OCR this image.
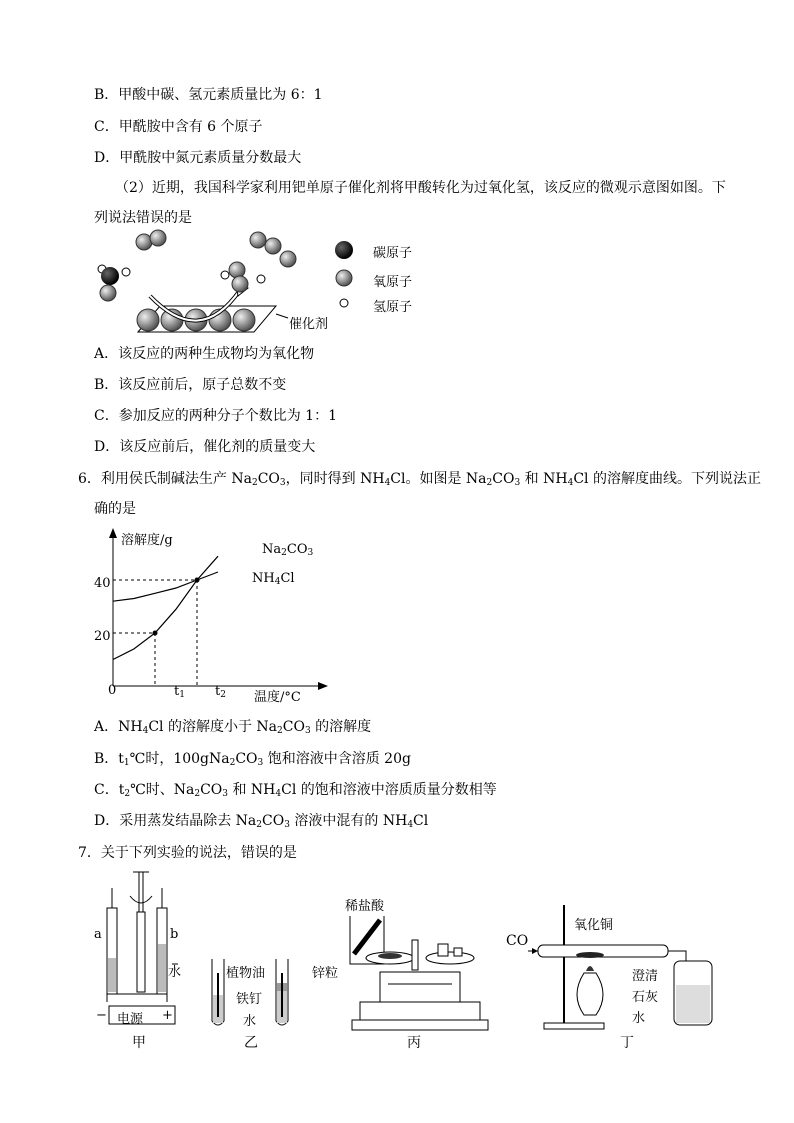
B．甲酸中碳、氢元素质量比为 6：1
C．甲酰胺中含有 6 个原子
D．甲酰胺中氮元素质量分数最大
（2）近期，我国科学家利用钯单原子催化剂将甲酸转化为过氧化氢，该反应的微观示意图如图。下
列说法错误的是
碳原子
氧原子
氢原子
催化剂
A．该反应的两种生成物均为氧化物
B．该反应前后，原子总数不变
C．参加反应的两种分子个数比为 1：1
D．该反应前后，催化剂的质量变大
6．利用侯氏制碱法生产 $Na_2CO_3$，同时得到 $NH_4Cl$。如图是 $Na_2CO_3$ 和 $NH_4Cl$ 的溶解度曲线。下列说法正
确的是
溶解度/g
温度/°C
0
20
40
$t_1$ $t_2$
$Na_2CO_3$
$NH_4Cl$
A．$NH_4Cl$ 的溶解度小于 $Na_2CO_3$ 的溶解度
B．$t_1℃$时，$100gNa_2CO_3$ 饱和溶液中含溶质 20g
C．$t_2℃$时、$Na_2CO_3$ 和 $NH_4Cl$ 的饱和溶液中溶质质量分数相等
D．采用蒸发结晶除去 $Na_2CO_3$ 溶液中混有的 $NH_4Cl$
7．关于下列实验的说法，错误的是
a	b
水
电源
−	+
甲
植物油
铁钉
水
乙
稀盐酸
锌粒
丙
CO
氧化铜
澄清
石灰
水
丁
